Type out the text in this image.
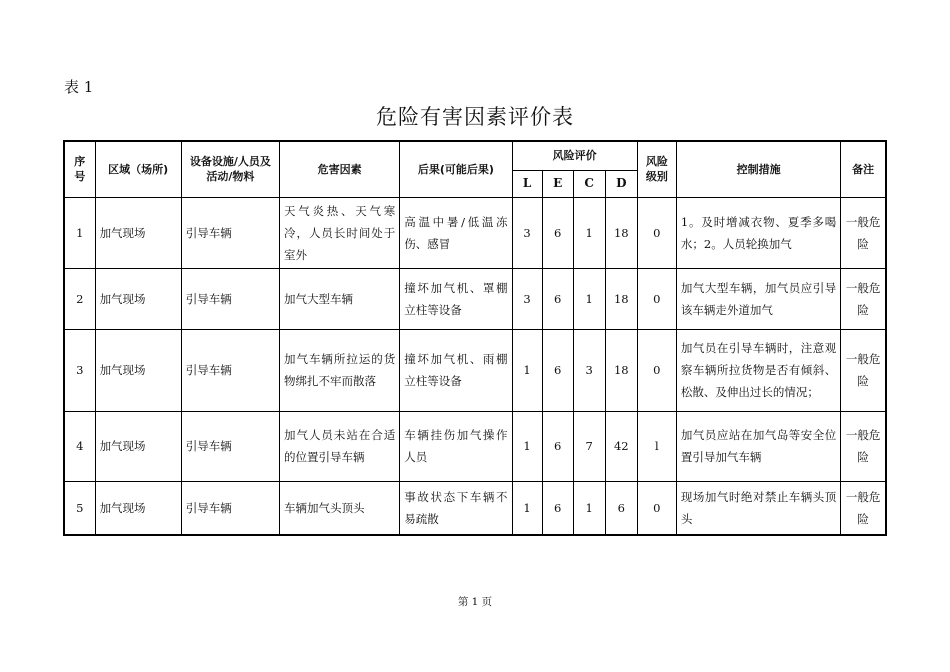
表 1
危险有害因素评价表
序号	区域（场所)	设备设施/人员及活动/物料	危害因素	后果(可能后果)	风险评价				风险级别	控制措施	备注
					L	E	C	D			
1	加气现场	引导车辆	天气炎热、天气寒冷，人员长时间处于室外	高温中暑/低温冻伤、感冒	3	6	1	18	0	1。及时增减衣物、夏季多喝水；2。人员轮换加气	一般危险
2	加气现场	引导车辆	加气大型车辆	撞坏加气机、罩棚立柱等设备	3	6	1	18	0	加气大型车辆，加气员应引导该车辆走外道加气	一般危险
3	加气现场	引导车辆	加气车辆所拉运的货物绑扎不牢而散落	撞坏加气机、雨棚立柱等设备	1	6	3	18	0	加气员在引导车辆时，注意观察车辆所拉货物是否有倾斜、松散、及伸出过长的情况；	一般危险
4	加气现场	引导车辆	加气人员未站在合适的位置引导车辆	车辆挂伤加气操作人员	1	6	7	42	l	加气员应站在加气岛等安全位置引导加气车辆	一般危险
5	加气现场	引导车辆	车辆加气头顶头	事故状态下车辆不易疏散	1	6	1	6	0	现场加气时绝对禁止车辆头顶头	一般危险
第 1 页
